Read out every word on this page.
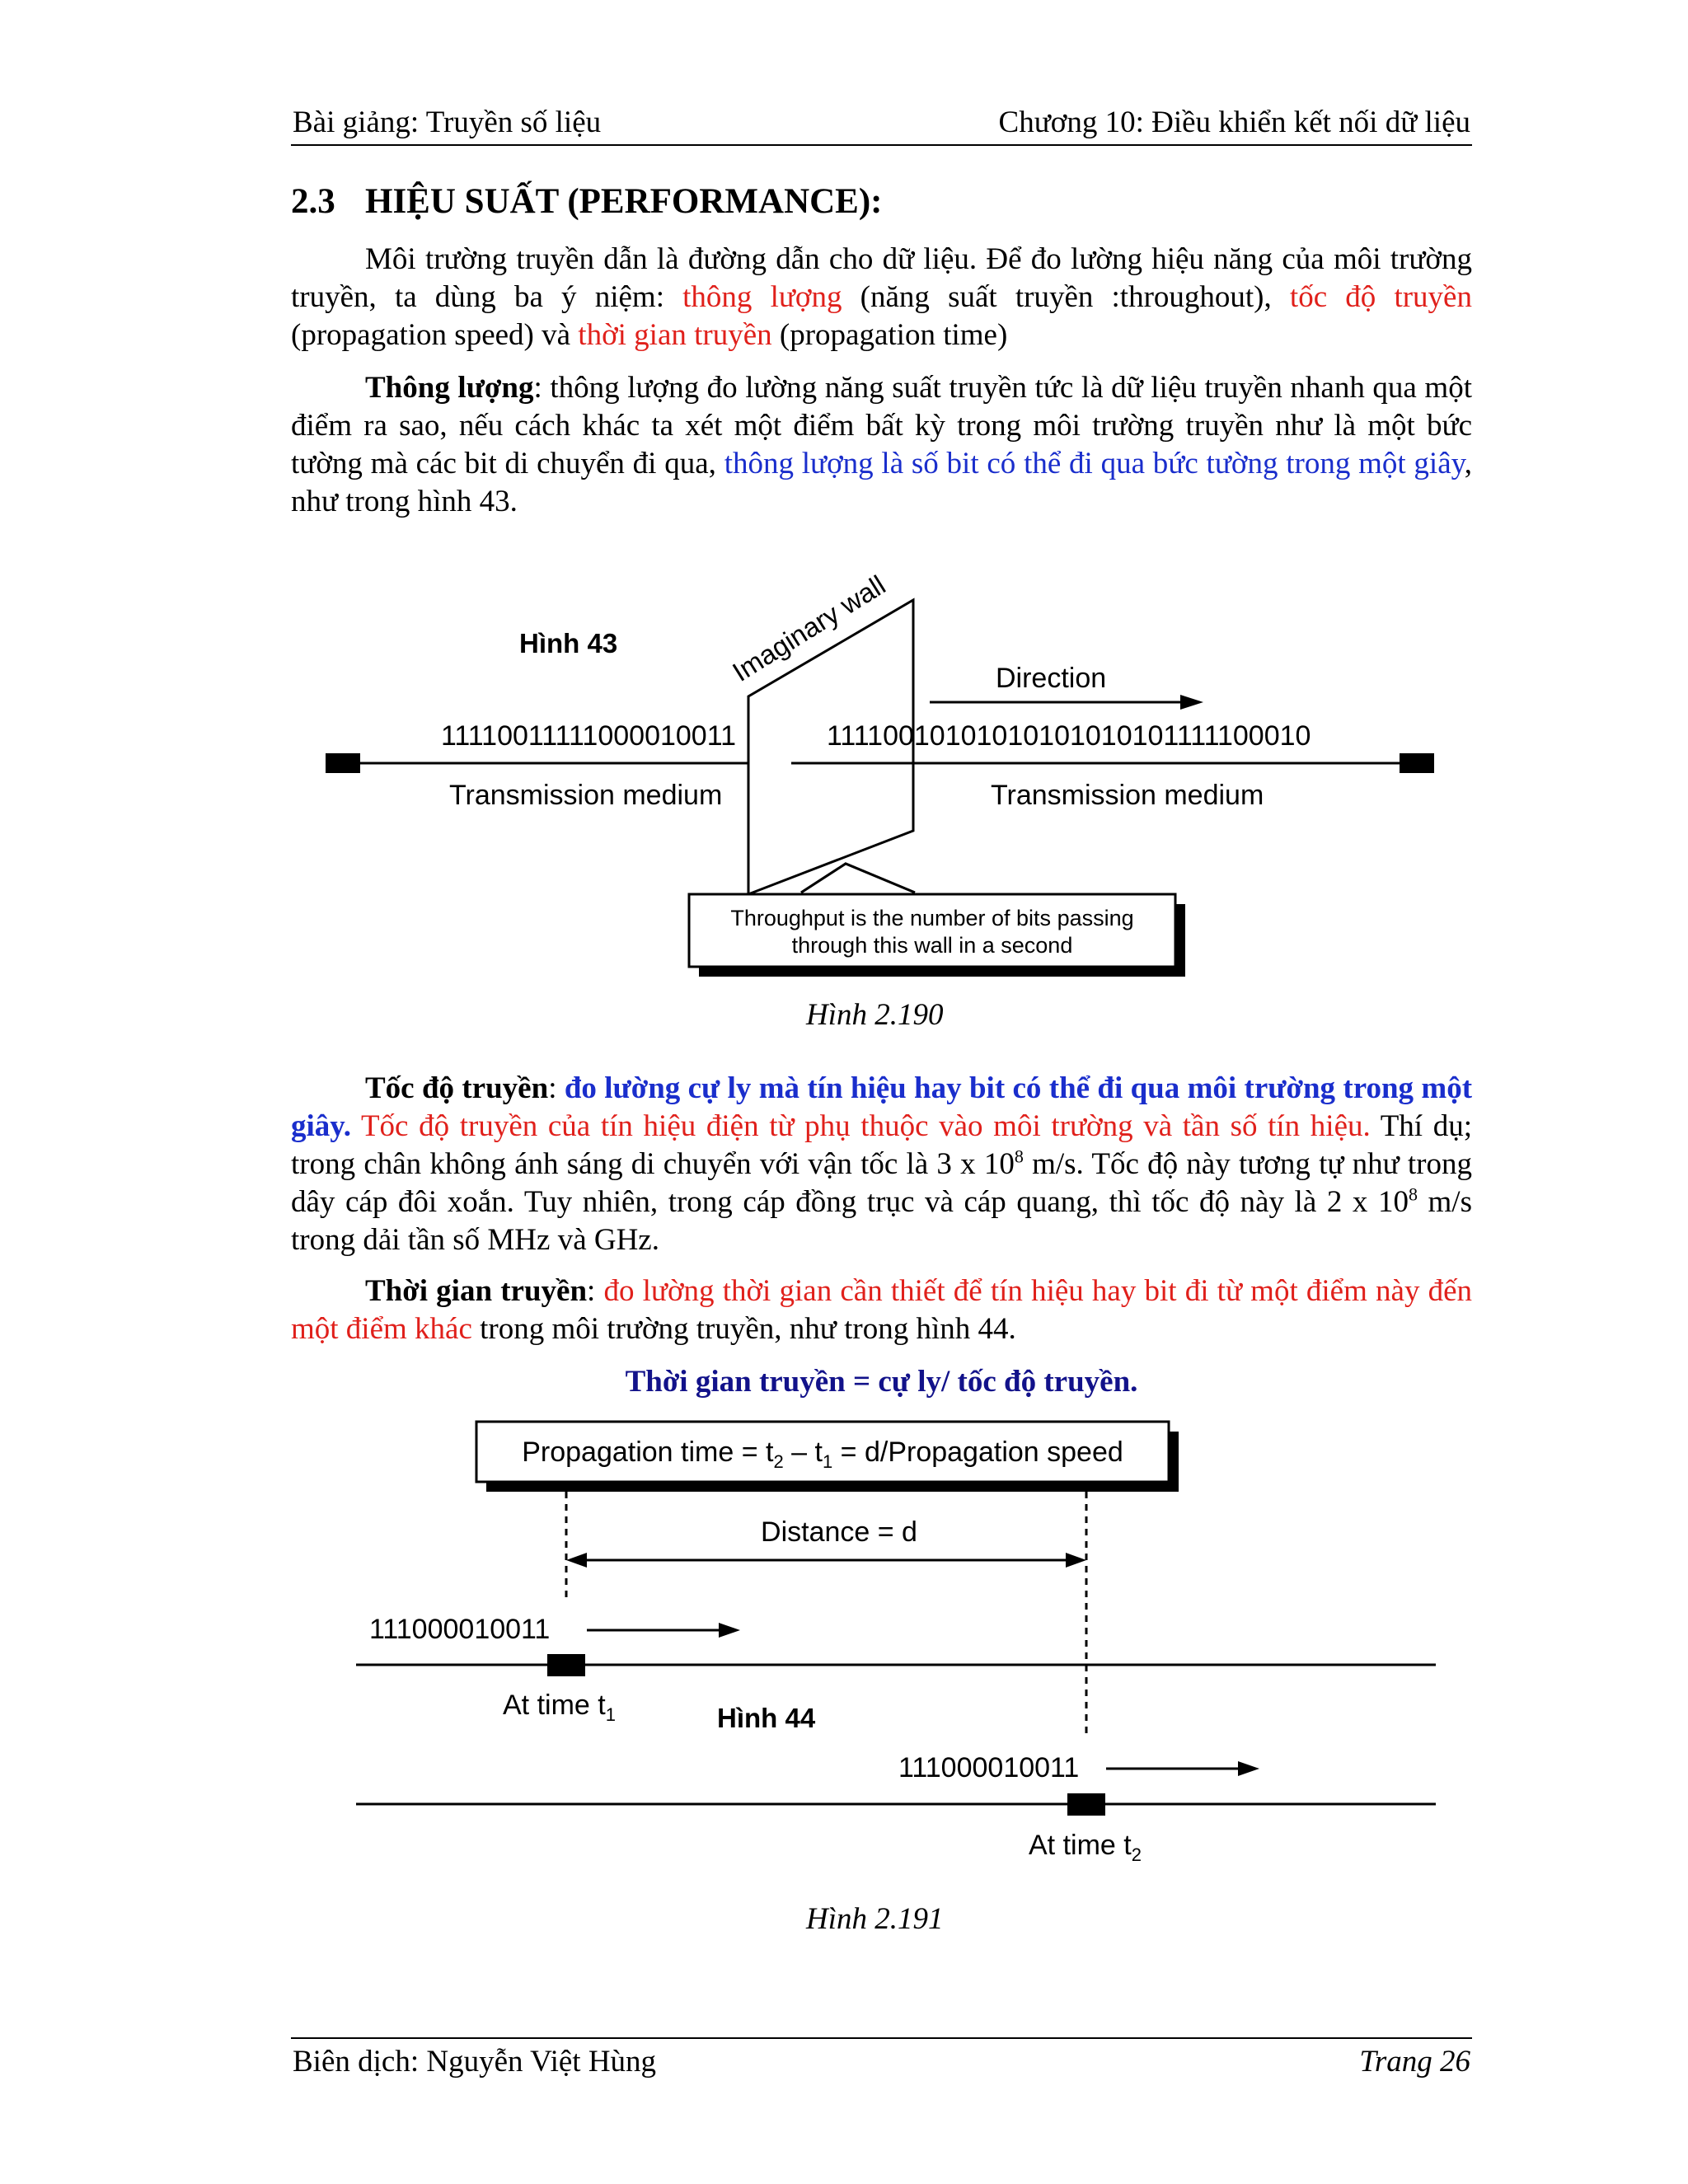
Bài giảng: Truyền số liệu	Chương 10: Điều khiển kết nối dữ liệu
2.3 HIỆU SUẤT (PERFORMANCE):

Môi trường truyền dẫn là đường dẫn cho dữ liệu. Để đo lường hiệu năng của môi trường truyền, ta dùng ba ý niệm: thông lượng (năng suất truyền :throughout), tốc độ truyền (propagation speed) và thời gian truyền (propagation time)

Thông lượng: thông lượng đo lường năng suất truyền tức là dữ liệu truyền nhanh qua một điểm ra sao, nếu cách khác ta xét một điểm bất kỳ trong môi trường truyền như là một bức tường mà các bit di chuyển đi qua, thông lượng là số bit có thể đi qua bức tường trong một giây, như trong hình 43.

Hình 43	Imaginary wall
11110011111000010011	11110010101010101010101111100010
Transmission medium	Transmission medium
Direction
Throughput is the number of bits passing
through this wall in a second
Hình 2.190

Tốc độ truyền: đo lường cự ly mà tín hiệu hay bit có thể đi qua môi trường trong một giây. Tốc độ truyền của tín hiệu điện từ phụ thuộc vào môi trường và tần số tín hiệu. Thí dụ; trong chân không ánh sáng di chuyển với vận tốc là 3 x $10^8$ m/s. Tốc độ này tương tự như trong dây cáp đôi xoắn. Tuy nhiên, trong cáp đồng trục và cáp quang, thì tốc độ này là 2 x $10^8$ m/s trong dải tần số MHz và GHz.

Thời gian truyền: đo lường thời gian cần thiết để tín hiệu hay bit đi từ một điểm này đến một điểm khác trong môi trường truyền, như trong hình 44.

Thời gian truyền = cự ly/ tốc độ truyền.
Propagation time = $t_2 - t_1$ = d/Propagation speed
Distance = d
111000010011
At time $t_1$	Hình 44
111000010011
At time $t_2$
Hình 2.191
Biên dịch: Nguyễn Việt Hùng	Trang 26
